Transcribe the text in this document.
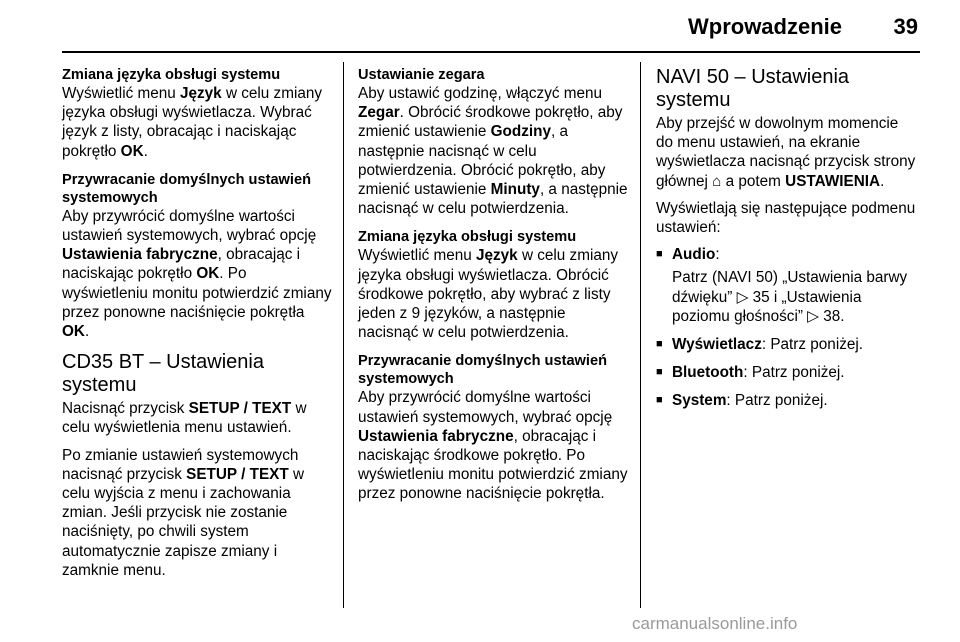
Wprowadzenie 39
Zmiana języka obsługi systemu

Wyświetlić menu Język w celu zmiany języka obsługi wyświetlacza. Wybrać język z listy, obracając i naciskając pokrętło OK.

Przywracanie domyślnych ustawień systemowych

Aby przywrócić domyślne wartości ustawień systemowych, wybrać opcję Ustawienia fabryczne, obracając i naciskając pokrętło OK. Po wyświetleniu monitu potwierdzić zmiany przez ponowne naciśnięcie pokrętła OK.

CD35 BT – Ustawienia systemu

Nacisnąć przycisk SETUP / TEXT w celu wyświetlenia menu ustawień.

Po zmianie ustawień systemowych nacisnąć przycisk SETUP / TEXT w celu wyjścia z menu i zachowania zmian. Jeśli przycisk nie zostanie naciśnięty, po chwili system automatycznie zapisze zmiany i zamknie menu.

Ustawianie zegara

Aby ustawić godzinę, włączyć menu Zegar. Obrócić środkowe pokrętło, aby zmienić ustawienie Godziny, a następnie nacisnąć w celu potwierdzenia. Obrócić pokrętło, aby zmienić ustawienie Minuty, a następnie nacisnąć w celu potwierdzenia.

Zmiana języka obsługi systemu

Wyświetlić menu Język w celu zmiany języka obsługi wyświetlacza. Obrócić środkowe pokrętło, aby wybrać z listy jeden z 9 języków, a następnie nacisnąć w celu potwierdzenia.

Przywracanie domyślnych ustawień systemowych

Aby przywrócić domyślne wartości ustawień systemowych, wybrać opcję Ustawienia fabryczne, obracając i naciskając środkowe pokrętło. Po wyświetleniu monitu potwierdzić zmiany przez ponowne naciśnięcie pokrętła.

NAVI 50 – Ustawienia systemu

Aby przejść w dowolnym momencie do menu ustawień, na ekranie wyświetlacza nacisnąć przycisk strony głównej ⌂ a potem USTAWIENIA.

Wyświetlają się następujące podmenu ustawień:

■ Audio:
Patrz (NAVI 50) „Ustawienia barwy dźwięku” ▷ 35 i „Ustawienia poziomu głośności” ▷ 38.
■ Wyświetlacz: Patrz poniżej.
■ Bluetooth: Patrz poniżej.
■ System: Patrz poniżej.
carmanualsonline.info
